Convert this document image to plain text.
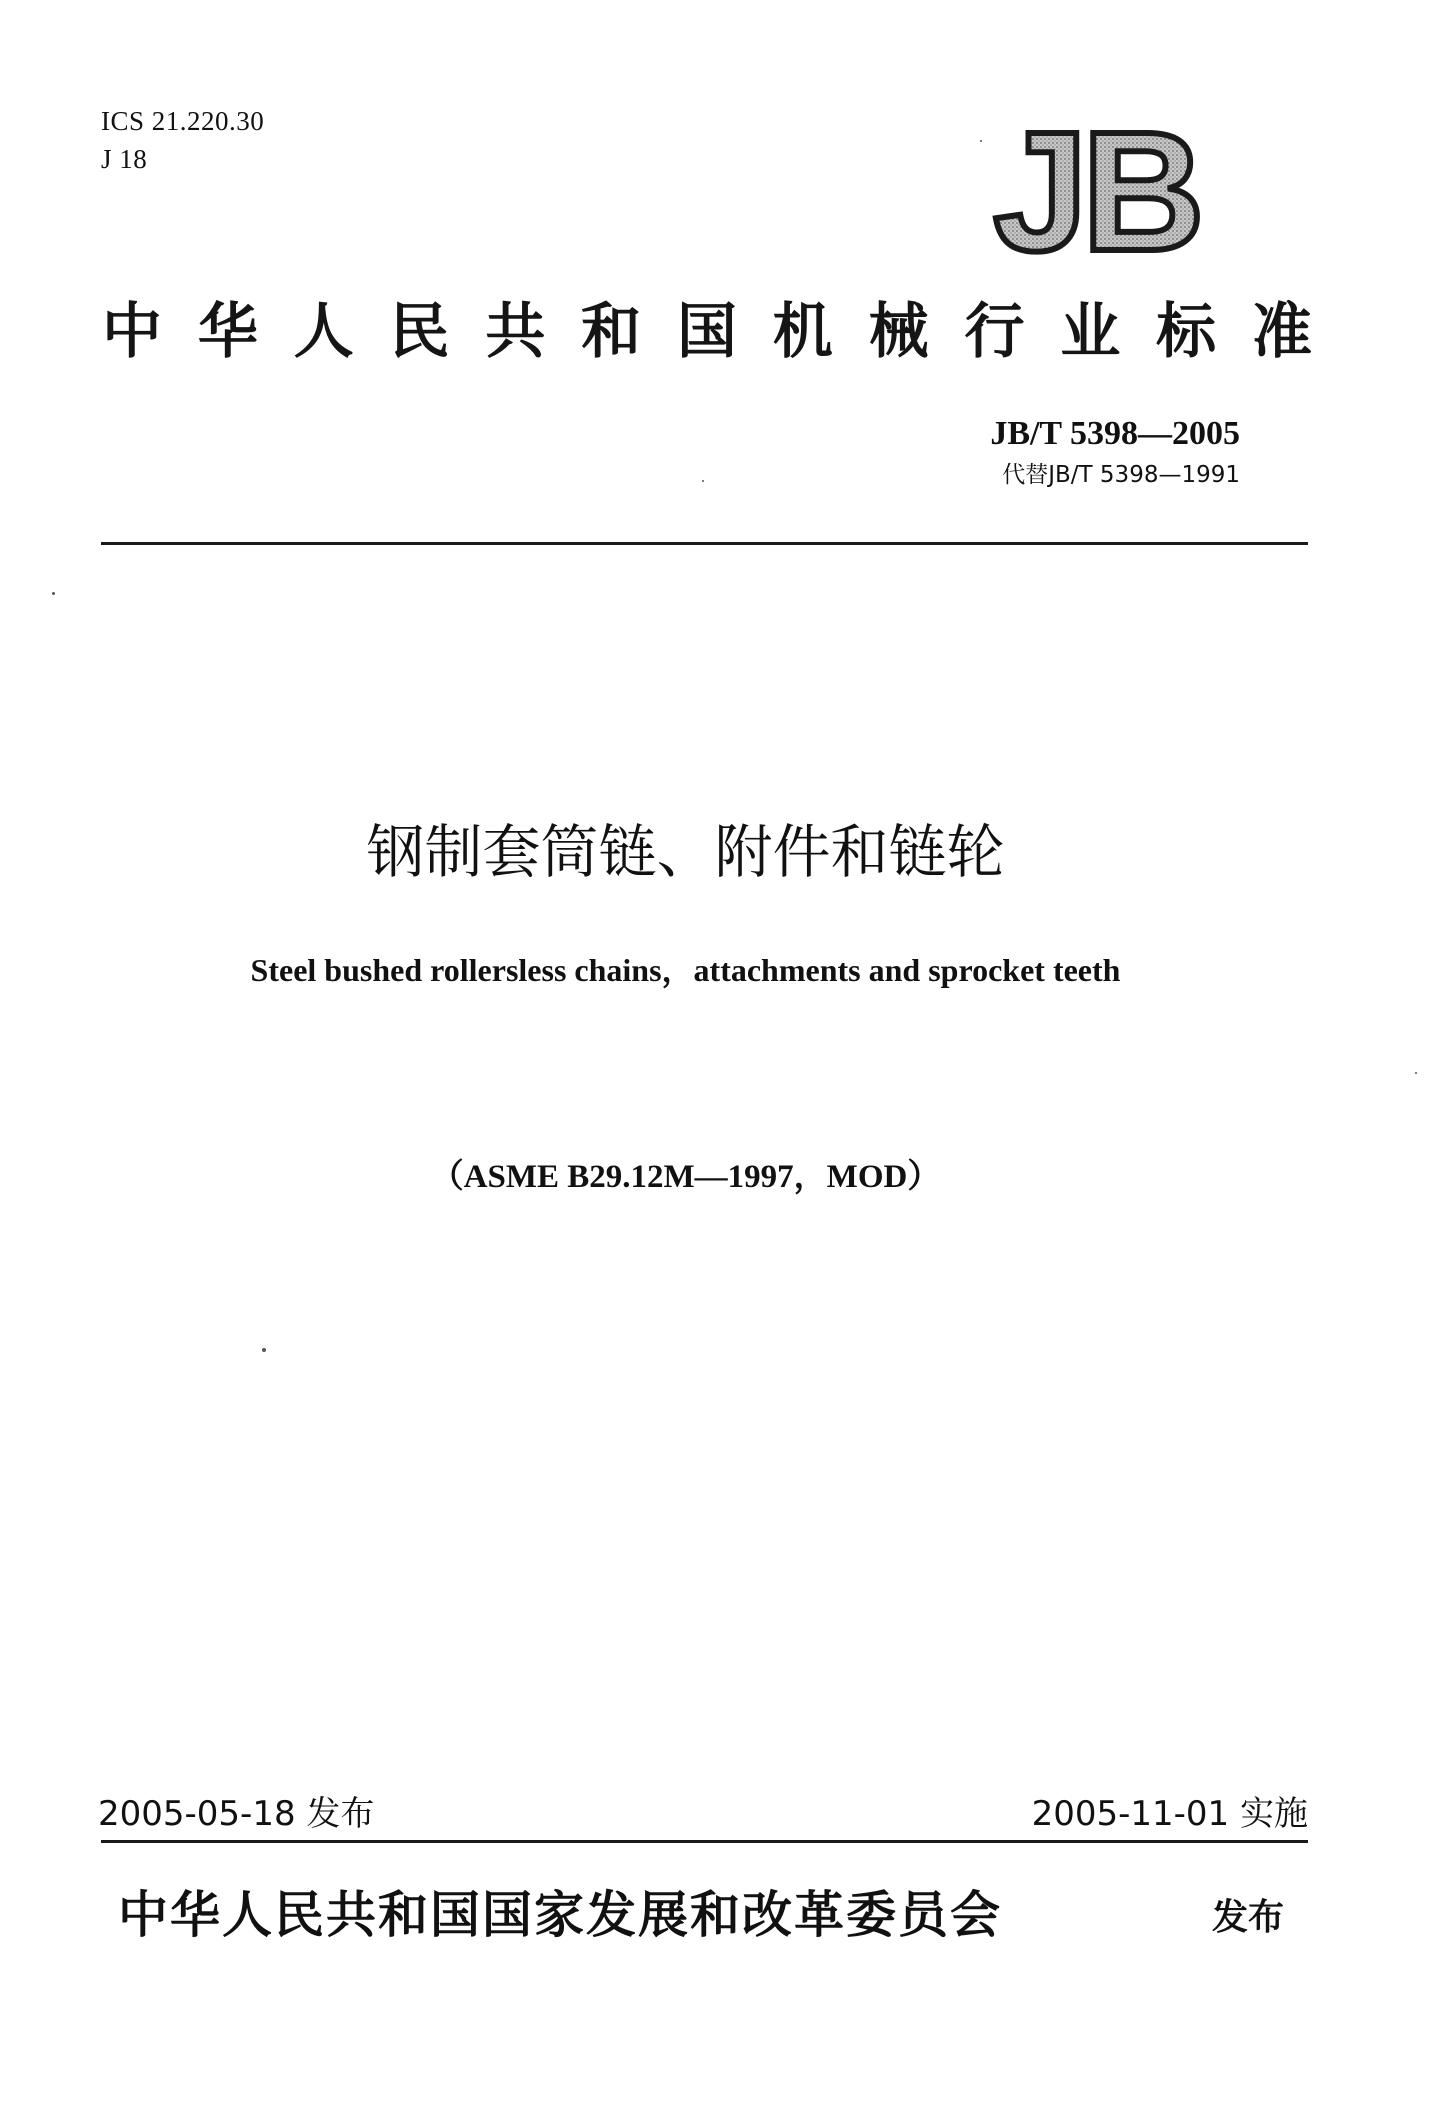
ICS 21.220.30
J 18	JB
中 华 人 民 共 和 国 机 械 行 业 标 准
JB/T 5398—2005
代替JB/T 5398—1991
钢制套筒链、附件和链轮
Steel bushed rollersless chains，attachments and sprocket teeth
（ASME B29.12M—1997，MOD）
2005-05-18 发布	2005-11-01 实施
中华人民共和国国家发展和改革委员会	发布
